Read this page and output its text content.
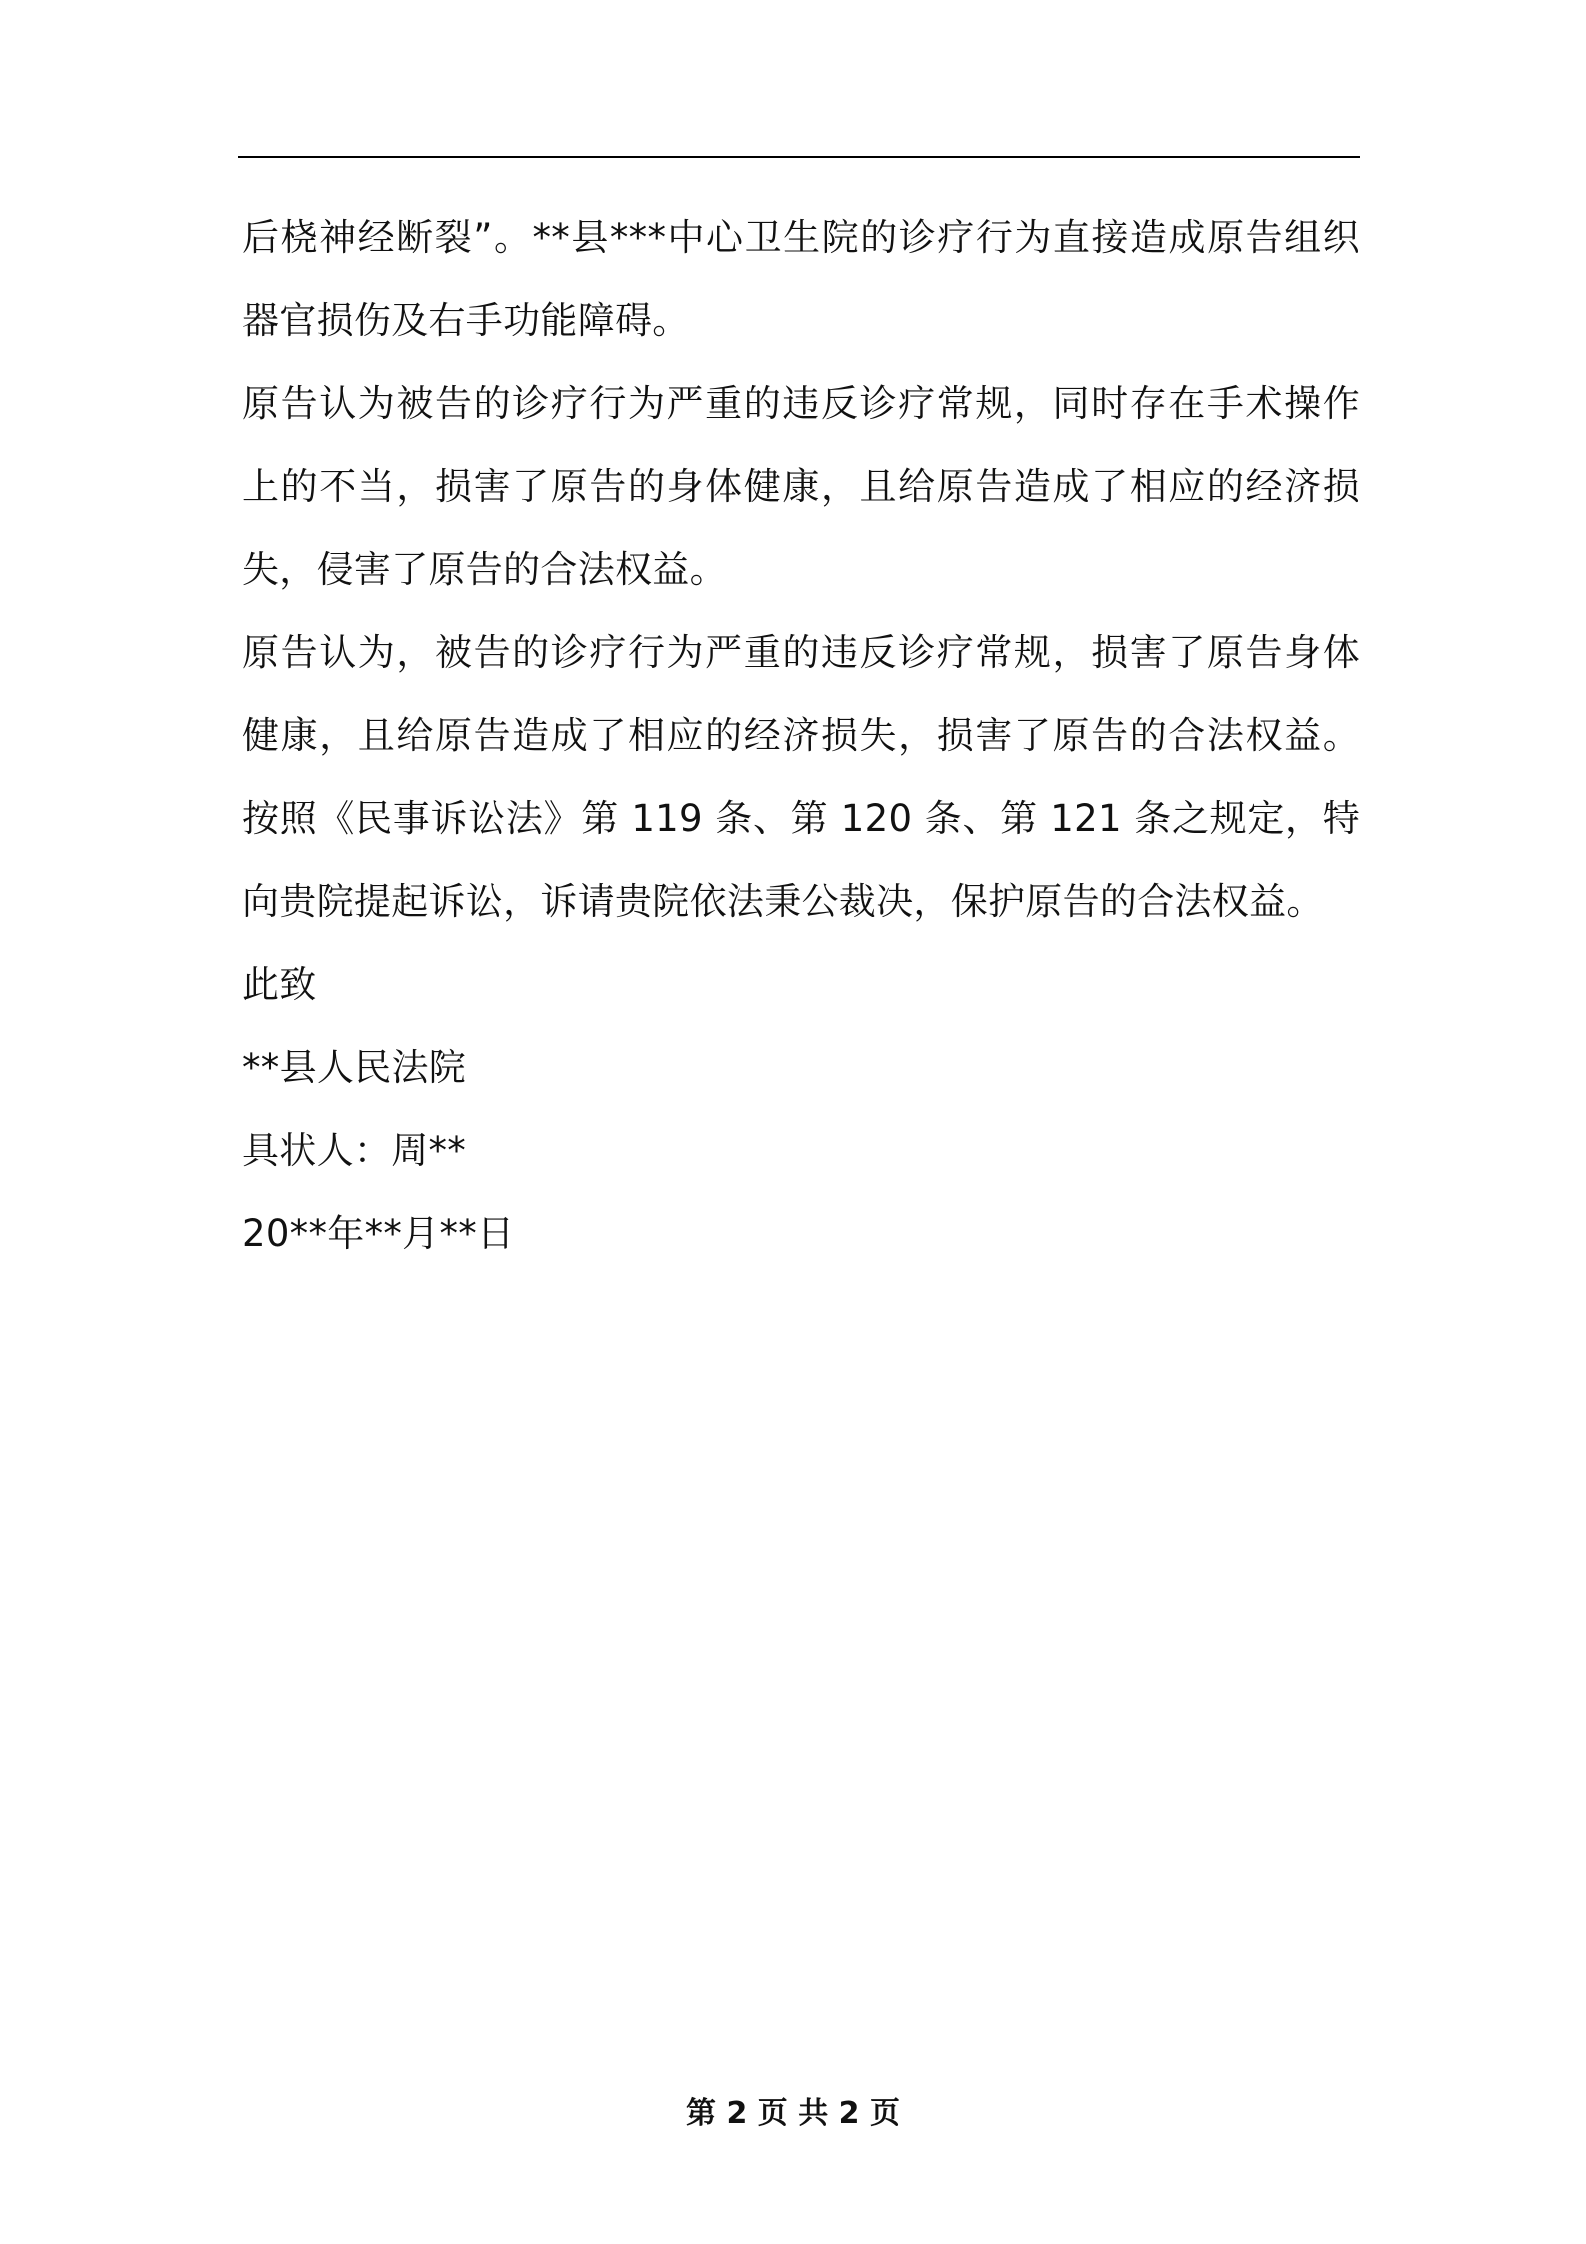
后桡神经断裂”。**县***中心卫生院的诊疗行为直接造成原告组织器官损伤及右手功能障碍。

原告认为被告的诊疗行为严重的违反诊疗常规，同时存在手术操作上的不当，损害了原告的身体健康，且给原告造成了相应的经济损失，侵害了原告的合法权益。

原告认为，被告的诊疗行为严重的违反诊疗常规，损害了原告身体健康，且给原告造成了相应的经济损失，损害了原告的合法权益。按照《民事诉讼法》第 119 条、第 120 条、第 121 条之规定，特向贵院提起诉讼，诉请贵院依法秉公裁决，保护原告的合法权益。

此致

**县人民法院

具状人：周**

20**年**月**日

第 2 页 共 2 页
